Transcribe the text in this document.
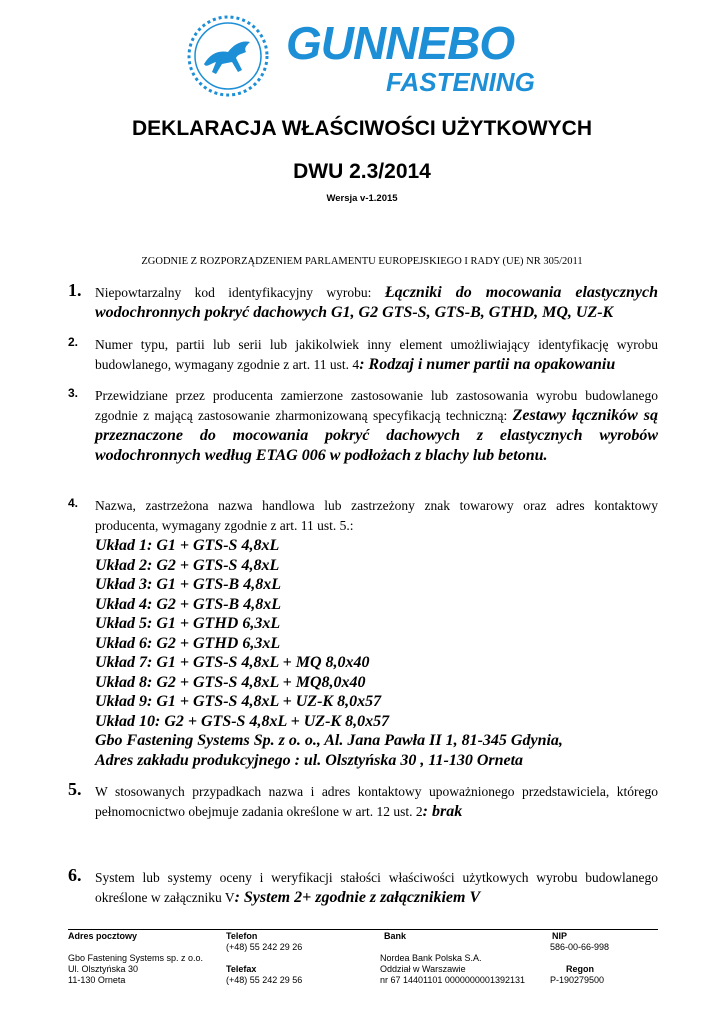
GUNNEBO
FASTENING
DEKLARACJA WŁAŚCIWOŚCI UŻYTKOWYCH
DWU 2.3/2014
Wersja v-1.2015
ZGODNIE Z ROZPORZĄDZENIEM PARLAMENTU EUROPEJSKIEGO I RADY (UE) NR 305/2011
1. Niepowtarzalny kod identyfikacyjny wyrobu: Łączniki do mocowania elastycznych wodochronnych pokryć dachowych G1, G2 GTS-S, GTS-B, GTHD, MQ, UZ-K
2. Numer typu, partii lub serii lub jakikolwiek inny element umożliwiający identyfikację wyrobu budowlanego, wymagany zgodnie z art. 11 ust. 4: Rodzaj i numer partii na opakowaniu
3. Przewidziane przez producenta zamierzone zastosowanie lub zastosowania wyrobu budowlanego zgodnie z mającą zastosowanie zharmonizowaną specyfikacją techniczną: Zestawy łączników są przeznaczone do mocowania pokryć dachowych z elastycznych wyrobów wodochronnych według ETAG 006 w podłożach z blachy lub betonu.
4. Nazwa, zastrzeżona nazwa handlowa lub zastrzeżony znak towarowy oraz adres kontaktowy producenta, wymagany zgodnie z art. 11 ust. 5.:
Układ 1: G1 + GTS-S 4,8xL
Układ 2: G2 + GTS-S 4,8xL
Układ 3: G1 + GTS-B 4,8xL
Układ 4: G2 + GTS-B 4,8xL
Układ 5: G1 + GTHD 6,3xL
Układ 6: G2 + GTHD 6,3xL
Układ 7: G1 + GTS-S 4,8xL + MQ 8,0x40
Układ 8: G2 + GTS-S 4,8xL + MQ8,0x40
Układ 9: G1 + GTS-S 4,8xL + UZ-K 8,0x57
Układ 10: G2 + GTS-S 4,8xL + UZ-K 8,0x57
Gbo Fastening Systems Sp. z o. o., Al. Jana Pawła II 1, 81-345 Gdynia,
Adres zakładu produkcyjnego : ul. Olsztyńska 30 , 11-130 Orneta
5. W stosowanych przypadkach nazwa i adres kontaktowy upoważnionego przedstawiciela, którego pełnomocnictwo obejmuje zadania określone w art. 12 ust. 2: brak
6. System lub systemy oceny i weryfikacji stałości właściwości użytkowych wyrobu budowlanego określone w załączniku V: System 2+ zgodnie z załącznikiem V
Adres pocztowy
Gbo Fastening Systems sp. z o.o.
Ul. Olsztyńska 30
11-130 Orneta
Telefon
(+48) 55 242 29 26
Telefax
(+48) 55 242 29 56
Bank
Nordea Bank Polska S.A.
Oddział w Warszawie
nr 67 14401101 0000000001392131
NIP
586-00-66-998
Regon
P-190279500
